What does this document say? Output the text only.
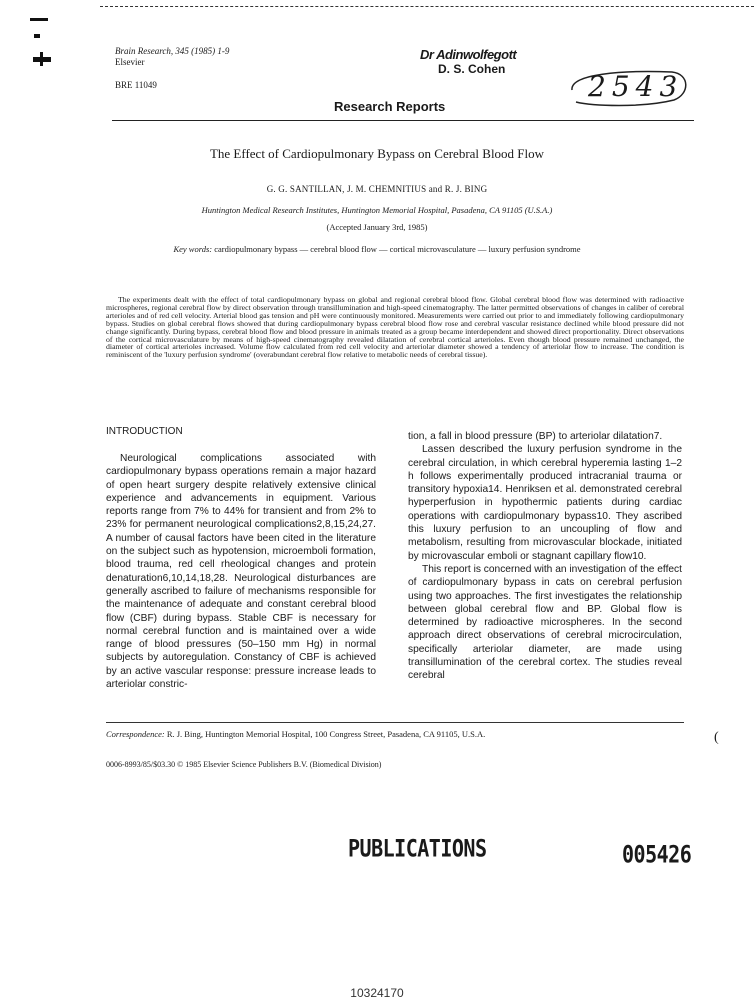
Brain Research, 345 (1985) 1-9
Elsevier
BRE 11049
Dr Adinwolfegott
D. S. Cohen
2543
Research Reports
The Effect of Cardiopulmonary Bypass on Cerebral Blood Flow
G. G. SANTILLAN, J. M. CHEMNITIUS and R. J. BING
Huntington Medical Research Institutes, Huntington Memorial Hospital, Pasadena, CA 91105 (U.S.A.)
(Accepted January 3rd, 1985)
Key words: cardiopulmonary bypass — cerebral blood flow — cortical microvasculature — luxury perfusion syndrome

The experiments dealt with the effect of total cardiopulmonary bypass on global and regional cerebral blood flow. Global cerebral blood flow was determined with radioactive microspheres, regional cerebral flow by direct observation through transillumination and high-speed cinematography. The latter permitted observations of changes in caliber of cerebral arterioles and of red cell velocity. Arterial blood gas tension and pH were continuously monitored. Measurements were carried out prior to and immediately following cardiopulmonary bypass. Studies on global cerebral flows showed that during cardiopulmonary bypass cerebral blood flow rose and cerebral vascular resistance declined while blood pressure did not change significantly. During bypass, cerebral blood flow and blood pressure in animals treated as a group became interdependent and showed direct proportionality. Direct observations of the cortical microvasculature by means of high-speed cinematography revealed dilatation of cerebral cortical arterioles. Even though blood pressure remained unchanged, the diameter of cortical arterioles increased. Volume flow calculated from red cell velocity and arteriolar diameter showed a tendency of arteriolar flow to increase. The condition is reminiscent of the 'luxury perfusion syndrome' (overabundant cerebral flow relative to metabolic needs of cerebral tissue).

INTRODUCTION

Neurological complications associated with cardiopulmonary bypass operations remain a major hazard of open heart surgery despite relatively extensive clinical experience and advancements in equipment. Various reports range from 7% to 44% for transient and from 2% to 23% for permanent neurological complications2,8,15,24,27. A number of causal factors have been cited in the literature on the subject such as hypotension, microemboli formation, blood trauma, red cell rheological changes and protein denaturation6,10,14,18,28. Neurological disturbances are generally ascribed to failure of mechanisms responsible for the maintenance of adequate and constant cerebral blood flow (CBF) during bypass. Stable CBF is necessary for normal cerebral function and is maintained over a wide range of blood pressures (50–150 mm Hg) in normal subjects by autoregulation. Constancy of CBF is achieved by an active vascular response: pressure increase leads to arteriolar constric-

tion, a fall in blood pressure (BP) to arteriolar dilatation7.

Lassen described the luxury perfusion syndrome in the cerebral circulation, in which cerebral hyperemia lasting 1–2 h follows experimentally produced intracranial trauma or transitory hypoxia14. Henriksen et al. demonstrated cerebral hyperperfusion in hypothermic patients during cardiac operations with cardiopulmonary bypass10. They ascribed this luxury perfusion to an uncoupling of flow and metabolism, resulting from microvascular blockade, initiated by microvascular emboli or stagnant capillary flow10.

This report is concerned with an investigation of the effect of cardiopulmonary bypass in cats on cerebral perfusion using two approaches. The first investigates the relationship between global cerebral flow and BP. Global flow is determined by radioactive microspheres. In the second approach direct observations of cerebral microcirculation, specifically arteriolar diameter, are made using transillumination of the cerebral cortex. The studies reveal cerebral

Correspondence: R. J. Bing, Huntington Memorial Hospital, 100 Congress Street, Pasadena, CA 91105, U.S.A.	(
0006-8993/85/$03.30 © 1985 Elsevier Science Publishers B.V. (Biomedical Division)
PUBLICATIONS	005426
10324170
